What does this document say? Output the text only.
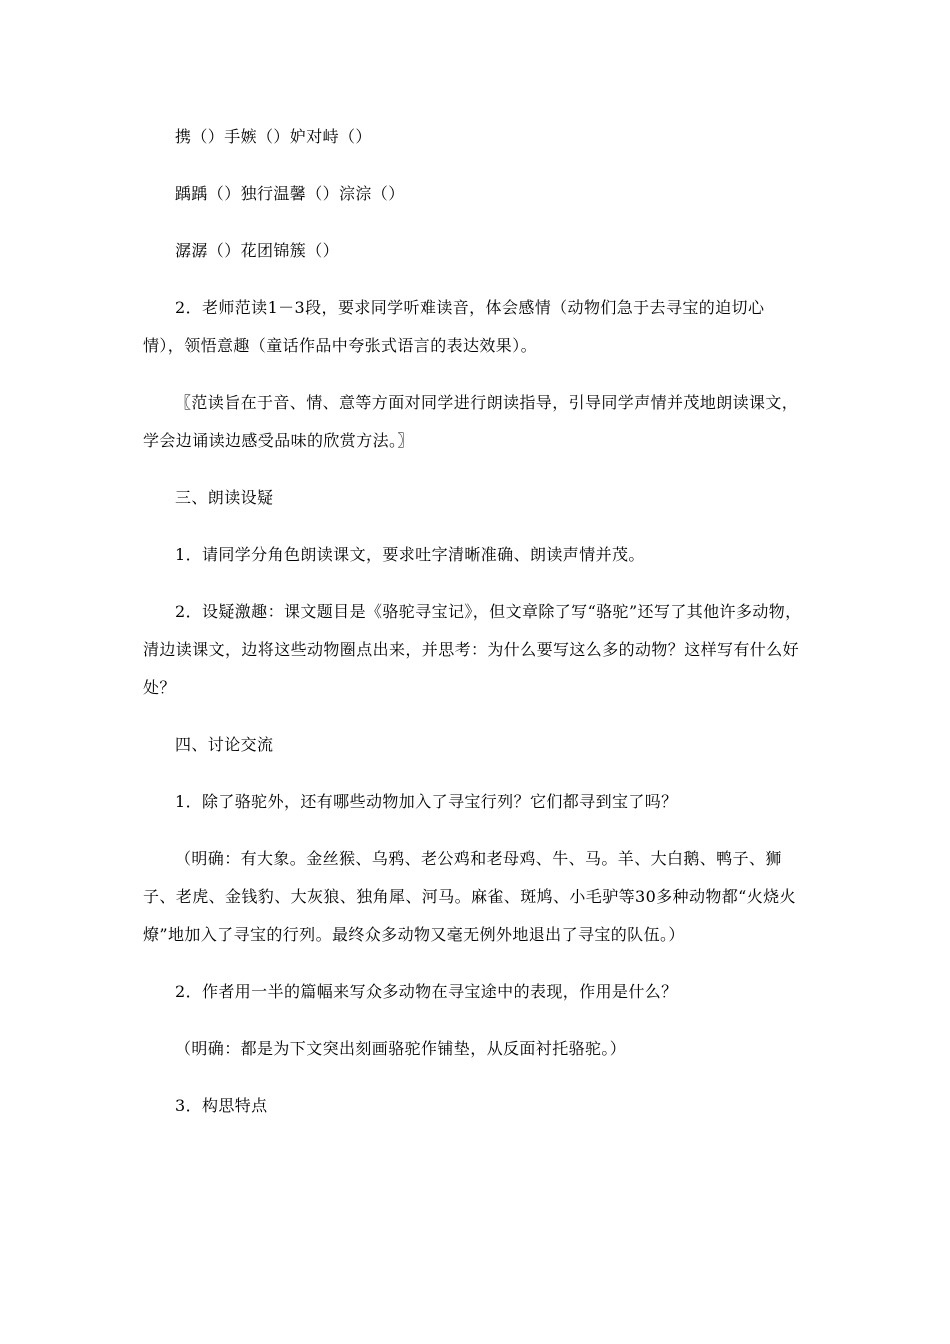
携（）手嫉（）妒对峙（）

踽踽（）独行温馨（）淙淙（）

潺潺（）花团锦簇（）

2．老师范读1－3段，要求同学听难读音，体会感情（动物们急于去寻宝的迫切心情），领悟意趣（童话作品中夸张式语言的表达效果）。

〖范读旨在于音、情、意等方面对同学进行朗读指导，引导同学声情并茂地朗读课文，学会边诵读边感受品味的欣赏方法。〗

三、朗读设疑

1．请同学分角色朗读课文，要求吐字清晰准确、朗读声情并茂。

2．设疑激趣：课文题目是《骆驼寻宝记》，但文章除了写“骆驼”还写了其他许多动物，清边读课文，边将这些动物圈点出来，并思考：为什么要写这么多的动物？这样写有什么好处？

四、讨论交流

1．除了骆驼外，还有哪些动物加入了寻宝行列？它们都寻到宝了吗？

（明确：有大象。金丝猴、乌鸦、老公鸡和老母鸡、牛、马。羊、大白鹅、鸭子、狮子、老虎、金钱豹、大灰狼、独角犀、河马。麻雀、斑鸠、小毛驴等30多种动物都“火烧火燎”地加入了寻宝的行列。最终众多动物又毫无例外地退出了寻宝的队伍。）

2．作者用一半的篇幅来写众多动物在寻宝途中的表现，作用是什么？

（明确：都是为下文突出刻画骆驼作铺垫，从反面衬托骆驼。）

3．构思特点
